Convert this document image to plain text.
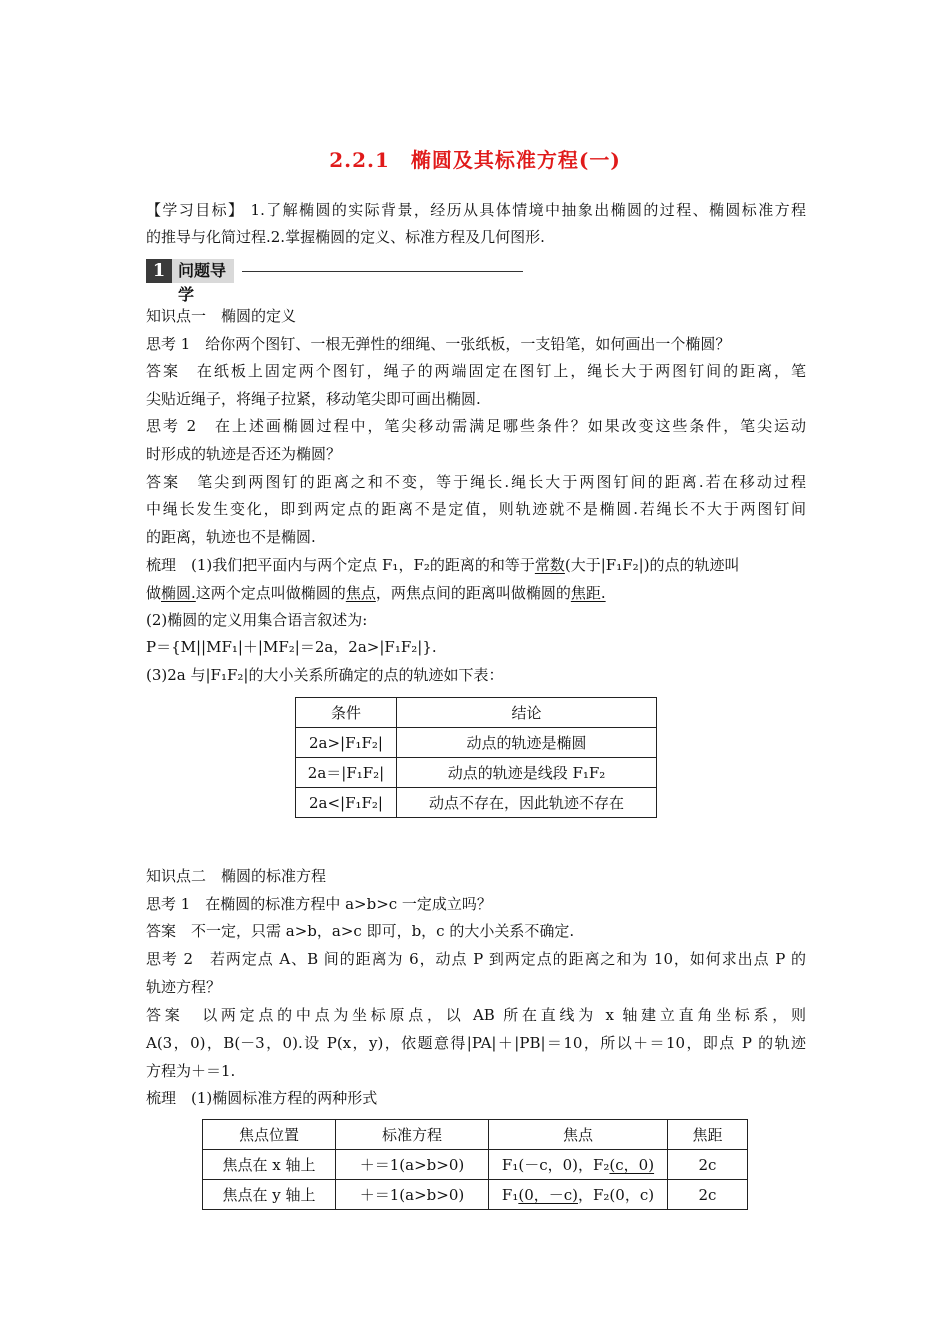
2.2.1　椭圆及其标准方程(一)
【学习目标】 1.了解椭圆的实际背景，经历从具体情境中抽象出椭圆的过程、椭圆标准方程
的推导与化简过程.2.掌握椭圆的定义、标准方程及几何图形.
1 问题导学
知识点一　椭圆的定义
思考 1　给你两个图钉、一根无弹性的细绳、一张纸板，一支铅笔，如何画出一个椭圆？
答案　在纸板上固定两个图钉，绳子的两端固定在图钉上，绳长大于两图钉间的距离，笔
尖贴近绳子，将绳子拉紧，移动笔尖即可画出椭圆.
思考 2　在上述画椭圆过程中，笔尖移动需满足哪些条件？如果改变这些条件，笔尖运动
时形成的轨迹是否还为椭圆？
答案　笔尖到两图钉的距离之和不变，等于绳长.绳长大于两图钉间的距离.若在移动过程
中绳长发生变化，即到两定点的距离不是定值，则轨迹就不是椭圆.若绳长不大于两图钉间
的距离，轨迹也不是椭圆.
梳理　(1)我们把平面内与两个定点 F₁，F₂的距离的和等于常数(大于|F₁F₂|)的点的轨迹叫
做椭圆.这两个定点叫做椭圆的焦点，两焦点间的距离叫做椭圆的焦距.
(2)椭圆的定义用集合语言叙述为:
P＝{M||MF₁|＋|MF₂|＝2a，2a>|F₁F₂|}.
(3)2a 与|F₁F₂|的大小关系所确定的点的轨迹如下表：
条件	结论
2a>|F₁F₂|	动点的轨迹是椭圆
2a＝|F₁F₂|	动点的轨迹是线段 F₁F₂
2a<|F₁F₂|	动点不存在，因此轨迹不存在
知识点二　椭圆的标准方程
思考 1　在椭圆的标准方程中 a>b>c 一定成立吗？
答案　不一定，只需 a>b，a>c 即可，b，c 的大小关系不确定.
思考 2　若两定点 A、B 间的距离为 6，动点 P 到两定点的距离之和为 10，如何求出点 P 的
轨迹方程？
答案　以两定点的中点为坐标原点，以 AB 所在直线为 x 轴建立直角坐标系，则
A(3，0)，B(－3，0).设 P(x，y)，依题意得|PA|＋|PB|＝10，所以＋＝10，即点 P 的轨迹
方程为＋＝1.
梳理　(1)椭圆标准方程的两种形式
焦点位置	标准方程	焦点	焦距
焦点在 x 轴上	＋＝1(a>b>0)	F₁(－c，0)，F₂(c，0)	2c
焦点在 y 轴上	＋＝1(a>b>0)	F₁(0，－c)，F₂(0，c)	2c
